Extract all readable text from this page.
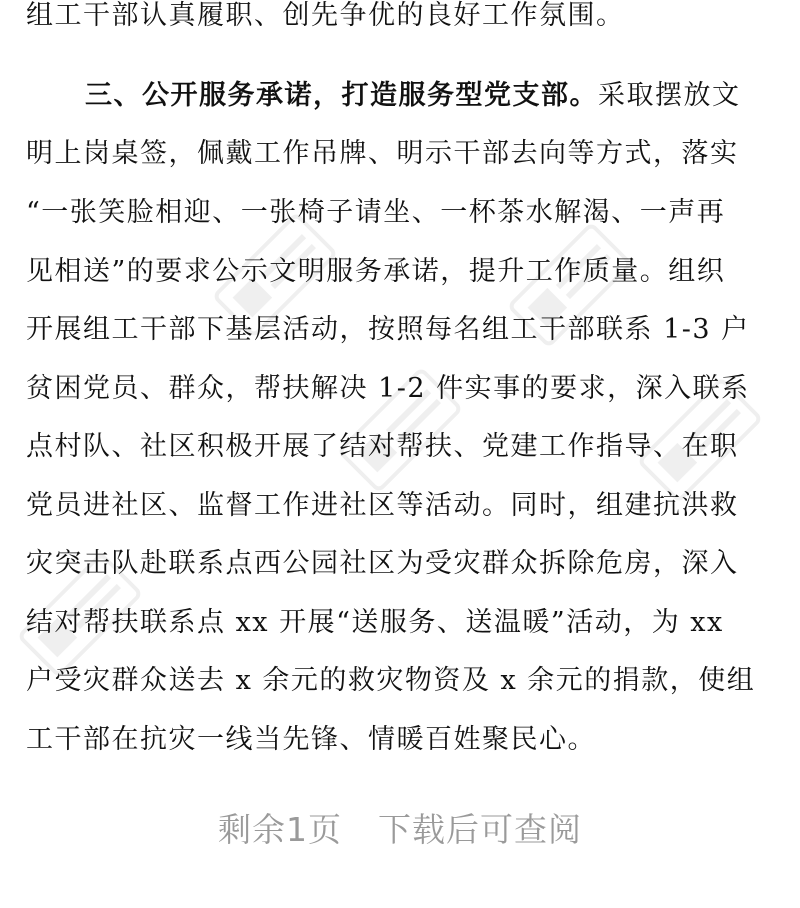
组工干部认真履职、创先争优的良好工作氛围。
三、公开服务承诺，打造服务型党支部。采取摆放文
明上岗桌签，佩戴工作吊牌、明示干部去向等方式，落实
“一张笑脸相迎、一张椅子请坐、一杯茶水解渴、一声再
见相送”的要求公示文明服务承诺，提升工作质量。组织
开展组工干部下基层活动，按照每名组工干部联系 1-3 户
贫困党员、群众，帮扶解决 1-2 件实事的要求，深入联系
点村队、社区积极开展了结对帮扶、党建工作指导、在职
党员进社区、监督工作进社区等活动。同时，组建抗洪救
灾突击队赴联系点西公园社区为受灾群众拆除危房，深入
结对帮扶联系点 xx 开展“送服务、送温暖”活动，为 xx
户受灾群众送去 x 余元的救灾物资及 x 余元的捐款，使组
工干部在抗灾一线当先锋、情暖百姓聚民心。
剩余1页 下载后可查阅
